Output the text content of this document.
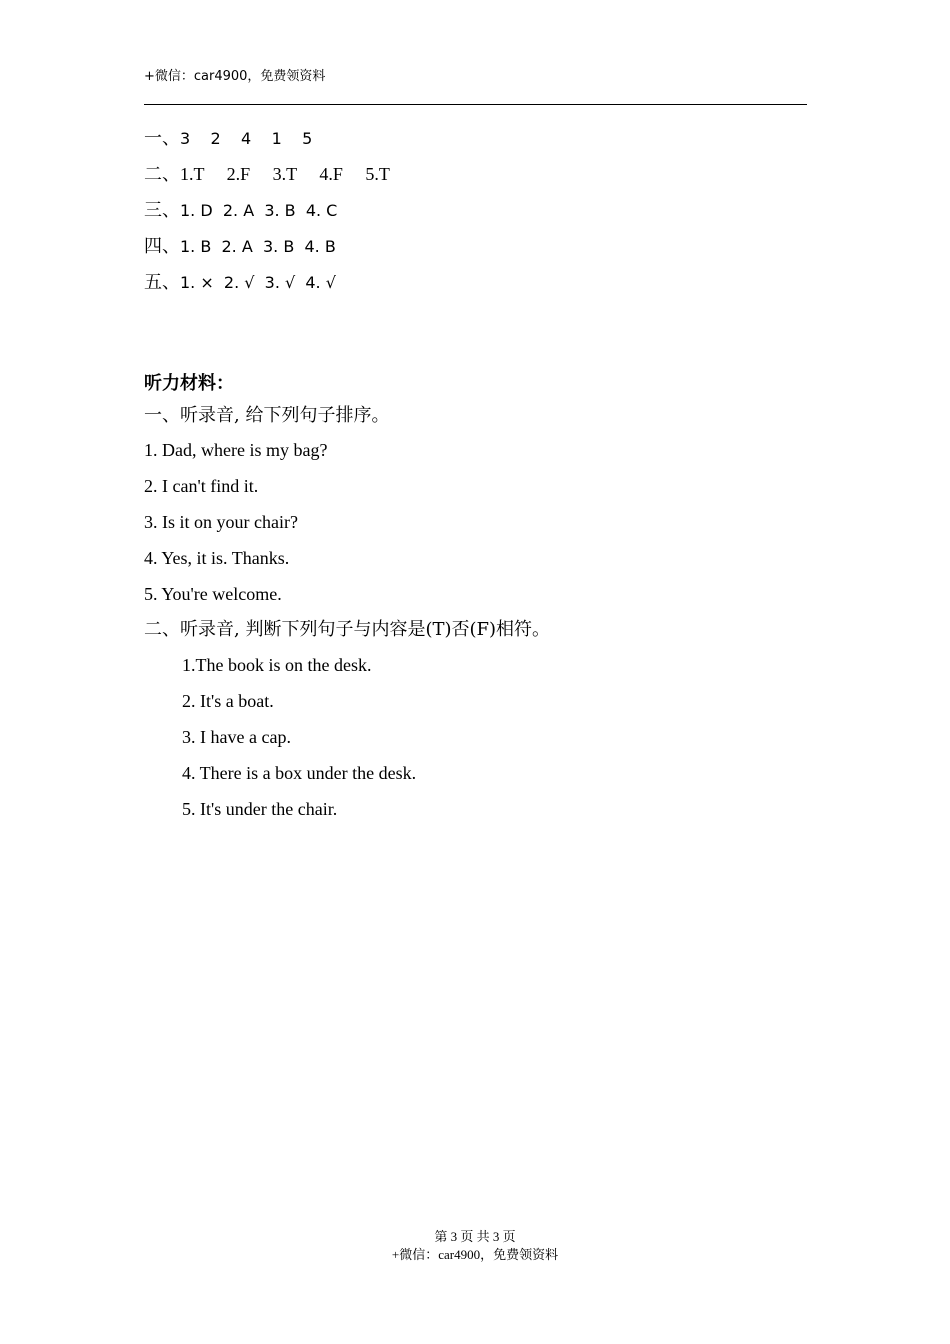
+微信：car4900，免费领资料
一、3    2    4    1    5
二、1.T     2.F     3.T     4.F     5.T
三、1. D  2. A  3. B  4. C
四、1. B  2. A  3. B  4. B
五、1. ×  2. √  3. √  4. √
听力材料：
一、听录音, 给下列句子排序。
1. Dad, where is my bag?
2. I can't find it.
3. Is it on your chair?
4. Yes, it is. Thanks.
5. You're welcome.
二、听录音, 判断下列句子与内容是(T)否(F)相符。
1.The book is on the desk.
2. It's a boat.
3. I have a cap.
4. There is a box under the desk.
5. It's under the chair.
第 3 页 共 3 页
+微信：car4900，免费领资料
